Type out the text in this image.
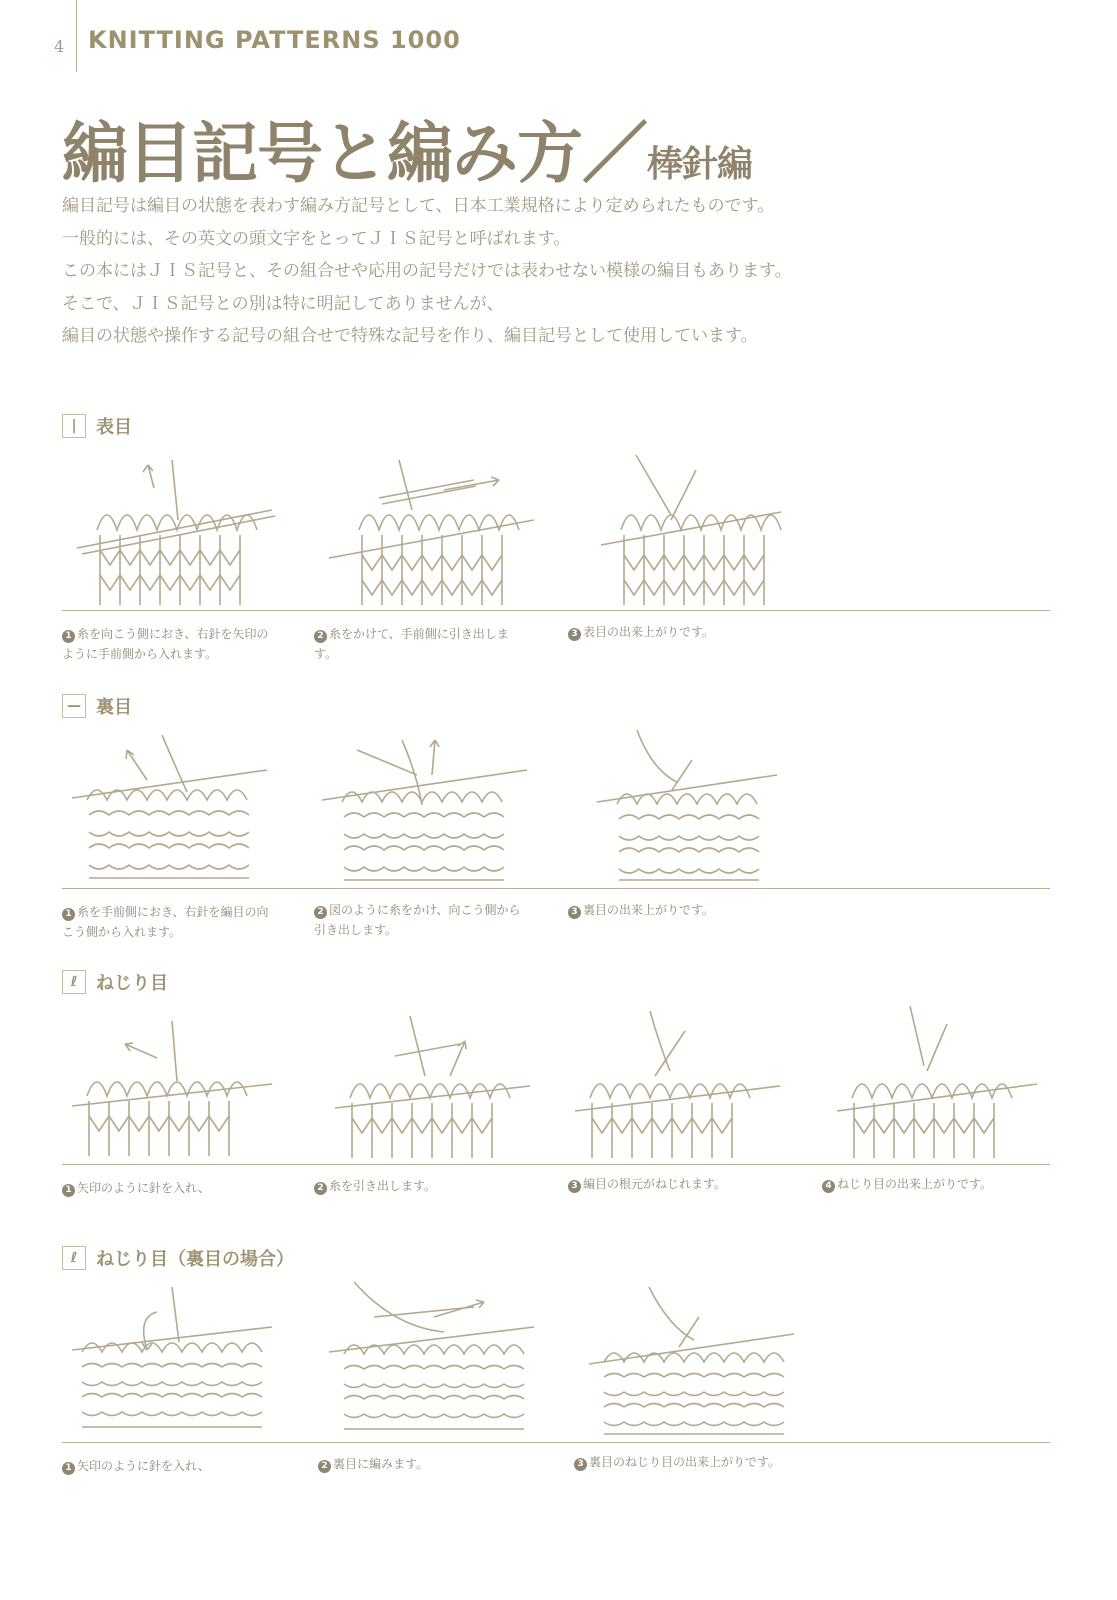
4 KNITTING PATTERNS 1000
編目記号と編み方／棒針編

編目記号は編目の状態を表わす編み方記号として、日本工業規格により定められたものです。

一般的には、その英文の頭文字をとってＪＩＳ記号と呼ばれます。

この本にはＪＩＳ記号と、その組合せや応用の記号だけでは表わせない模様の編目もあります。

そこで、ＪＩＳ記号との別は特に明記してありませんが、

編目の状態や操作する記号の組合せで特殊な記号を作り、編目記号として使用しています。

|	表目
1 糸を向こう側におき、右針を矢印の
ように手前側から入れます。
2 糸をかけて、手前側に引き出しま
す。
3 表目の出来上がりです。
— 裏目
1 糸を手前側におき、右針を編目の向
こう側から入れます。
2 図のように糸をかけ、向こう側から
引き出します。
3 裏目の出来上がりです。
ℓ	ねじり目
1 矢印のように針を入れ、	2 糸を引き出します。	3 編目の根元がねじれます。	4 ねじり目の出来上がりです。
ℓ	ねじり目（裏目の場合）
1 矢印のように針を入れ、	2 裏目に編みます。	3 裏目のねじり目の出来上がりです。
